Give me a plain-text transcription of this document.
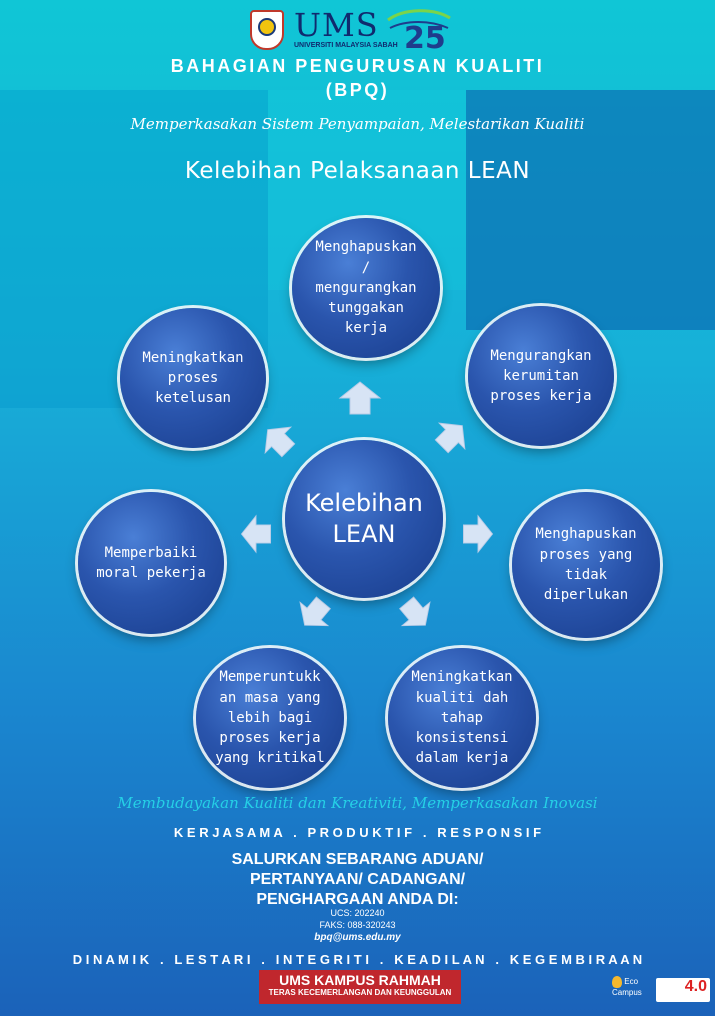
UMS
UNIVERSITI MALAYSIA SABAH 25
BAHAGIAN PENGURUSAN KUALITI
(BPQ)
Memperkasakan Sistem Penyampaian, Melestarikan Kualiti
Kelebihan Pelaksanaan LEAN
Kelebihan
LEAN
Menghapuskan
/
mengurangkan
tunggakan
kerja
Mengurangkan
kerumitan
proses kerja
Menghapuskan
proses yang
tidak
diperlukan
Meningkatkan
kualiti dah
tahap
konsistensi
dalam kerja
Memperuntukk
an masa yang
lebih bagi
proses kerja
yang kritikal
Memperbaiki
moral pekerja
Meningkatkan
proses
ketelusan
Membudayakan Kualiti dan Kreativiti, Memperkasakan Inovasi
K E R J A S A M A   .   P R O D U K T I F   .   R E S P O N S I F
SALURKAN SEBARANG ADUAN/
PERTANYAAN/ CADANGAN/
PENGHARGAAN ANDA DI:
UCS: 202240
FAKS: 088-320243
bpq@ums.edu.my
D I N A M I K   .   L E S T A R I   .   I N T E G R I T I   .   K E A D I L A N   .   K E G E M B I R A A N
UMS KAMPUS RAHMAH
TERAS KECEMERLANGAN DAN KEUNGGULAN
Eco Campus	4.0
